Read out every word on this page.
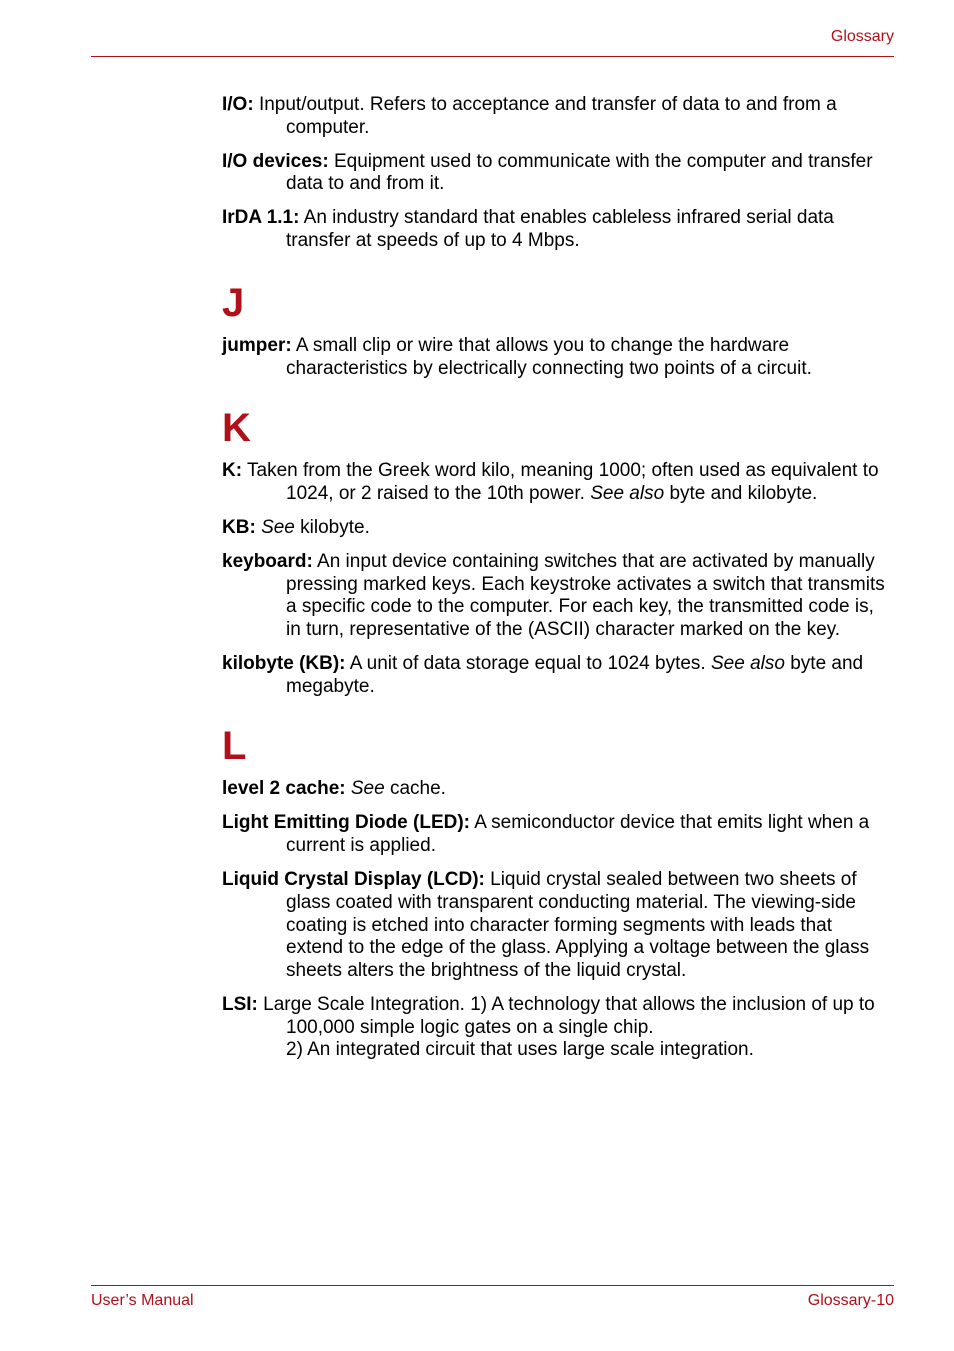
Glossary
I/O: Input/output. Refers to acceptance and transfer of data to and from a computer.
I/O devices: Equipment used to communicate with the computer and transfer data to and from it.
IrDA 1.1: An industry standard that enables cableless infrared serial data transfer at speeds of up to 4 Mbps.
J
jumper: A small clip or wire that allows you to change the hardware characteristics by electrically connecting two points of a circuit.
K
K: Taken from the Greek word kilo, meaning 1000; often used as equivalent to 1024, or 2 raised to the 10th power. See also byte and kilobyte.
KB: See kilobyte.
keyboard: An input device containing switches that are activated by manually pressing marked keys. Each keystroke activates a switch that transmits a specific code to the computer. For each key, the transmitted code is, in turn, representative of the (ASCII) character marked on the key.
kilobyte (KB): A unit of data storage equal to 1024 bytes. See also byte and megabyte.
L
level 2 cache: See cache.
Light Emitting Diode (LED): A semiconductor device that emits light when a current is applied.
Liquid Crystal Display (LCD): Liquid crystal sealed between two sheets of glass coated with transparent conducting material. The viewing-side coating is etched into character forming segments with leads that extend to the edge of the glass. Applying a voltage between the glass sheets alters the brightness of the liquid crystal.
LSI: Large Scale Integration. 1) A technology that allows the inclusion of up to 100,000 simple logic gates on a single chip.
2) An integrated circuit that uses large scale integration.
User’s Manual	Glossary-10
